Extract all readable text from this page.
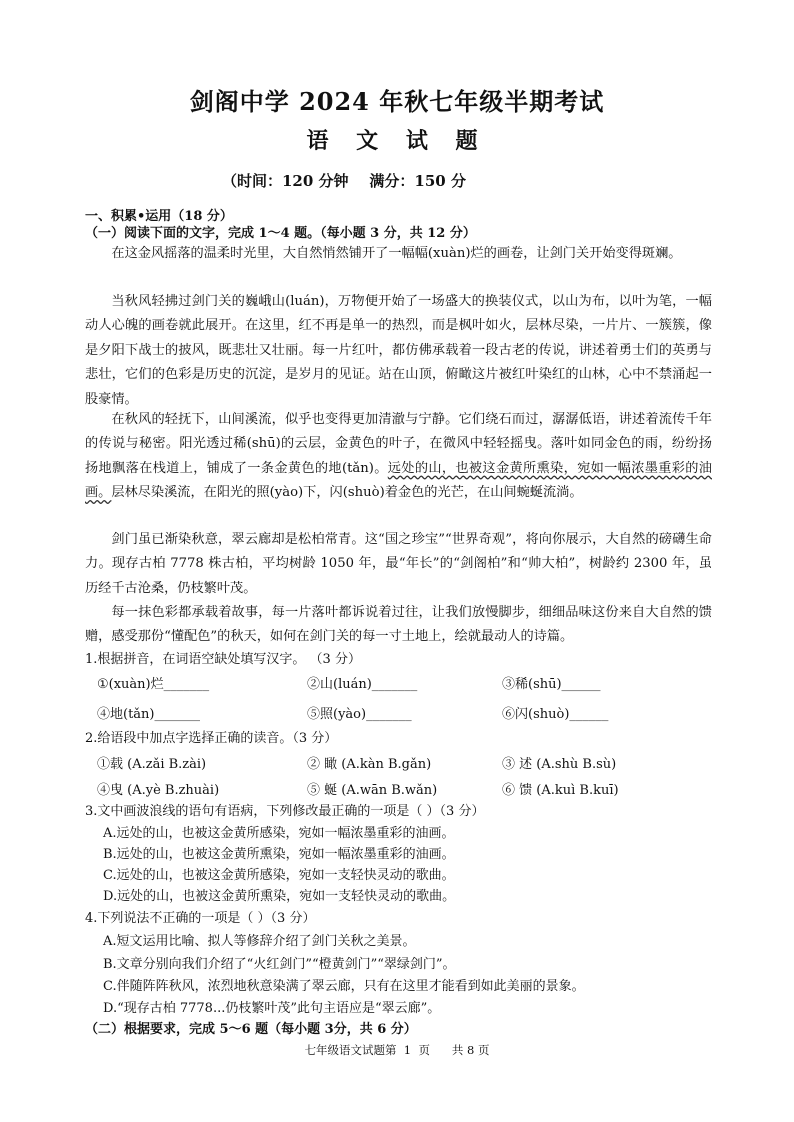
剑阁中学 2024 年秋七年级半期考试
语 文 试 题
（时间：120 分钟    满分：150 分
一、积累•运用（18 分）
（一）阅读下面的文字，完成 1～4 题。（每小题 3 分，共 12 分）
在这金风摇落的温柔时光里，大自然悄然铺开了一幅幅(xuàn)烂的画卷，让剑门关开始变得斑斓。
当秋风轻拂过剑门关的巍峨山(luán)，万物便开始了一场盛大的换装仪式，以山为布，以叶为笔，一幅动人心魄的画卷就此展开。在这里，红不再是单一的热烈，而是枫叶如火，层林尽染，一片片、一簇簇，像是夕阳下战士的披风，既悲壮又壮丽。每一片红叶，都仿佛承载着一段古老的传说，讲述着勇士们的英勇与悲壮，它们的色彩是历史的沉淀，是岁月的见证。站在山顶，俯瞰这片被红叶染红的山林，心中不禁涌起一股豪情。
在秋风的轻抚下，山间溪流，似乎也变得更加清澈与宁静。它们绕石而过，潺潺低语，讲述着流传千年的传说与秘密。阳光透过稀(shū)的云层，金黄色的叶子，在微风中轻轻摇曳。落叶如同金色的雨，纷纷扬扬地飘落在栈道上，铺成了一条金黄色的地(tǎn)。远处的山，也被这金黄所熏染，宛如一幅浓墨重彩的油画。层林尽染溪流，在阳光的照(yào)下，闪(shuò)着金色的光芒，在山间蜿蜒流淌。
剑门虽已渐染秋意，翠云廊却是松柏常青。这“国之珍宝”“世界奇观”，将向你展示，大自然的磅礴生命力。现存古柏 7778 株古柏，平均树龄 1050 年，最“年长”的“剑阁柏”和“帅大柏”，树龄约 2300 年，虽历经千古沧桑，仍枝繁叶茂。
每一抹色彩都承载着故事，每一片落叶都诉说着过往，让我们放慢脚步，细细品味这份来自大自然的馈赠，感受那份“懂配色”的秋天，如何在剑门关的每一寸土地上，绘就最动人的诗篇。
1.根据拼音，在词语空缺处填写汉字。 （3 分）
①(xuàn)烂_______	②山(luán)_______	③稀(shū)______
④地(tǎn)_______	⑤照(yào)_______	⑥闪(shuò)______
2.给语段中加点字选择正确的读音。（3 分）
①载 (A.zǎi B.zài)	② 瞰 (A.kàn B.gǎn)	③ 述 (A.shù B.sù)
④曳 (A.yè B.zhuài)	⑤ 蜒 (A.wān B.wǎn)	⑥ 馈 (A.kuì B.kuī)
3.文中画波浪线的语句有语病，下列修改最正确的一项是（ ）（3 分）
A.远处的山，也被这金黄所感染，宛如一幅浓墨重彩的油画。
B.远处的山，也被这金黄所熏染，宛如一幅浓墨重彩的油画。
C.远处的山，也被这金黄所感染，宛如一支轻快灵动的歌曲。
D.远处的山，也被这金黄所熏染，宛如一支轻快灵动的歌曲。
4.下列说法不正确的一项是（ ）（3 分）
A.短文运用比喻、拟人等修辞介绍了剑门关秋之美景。
B.文章分别向我们介绍了“火红剑门”“橙黄剑门”“翠绿剑门”。
C.伴随阵阵秋风，浓烈地秋意染满了翠云廊，只有在这里才能看到如此美丽的景象。
D.“现存古柏 7778...仍枝繁叶茂”此句主语应是“翠云廊”。
（二）根据要求，完成 5～6 题（每小题 3分，共 6 分）
七年级语文试题第  1  页      共 8 页
